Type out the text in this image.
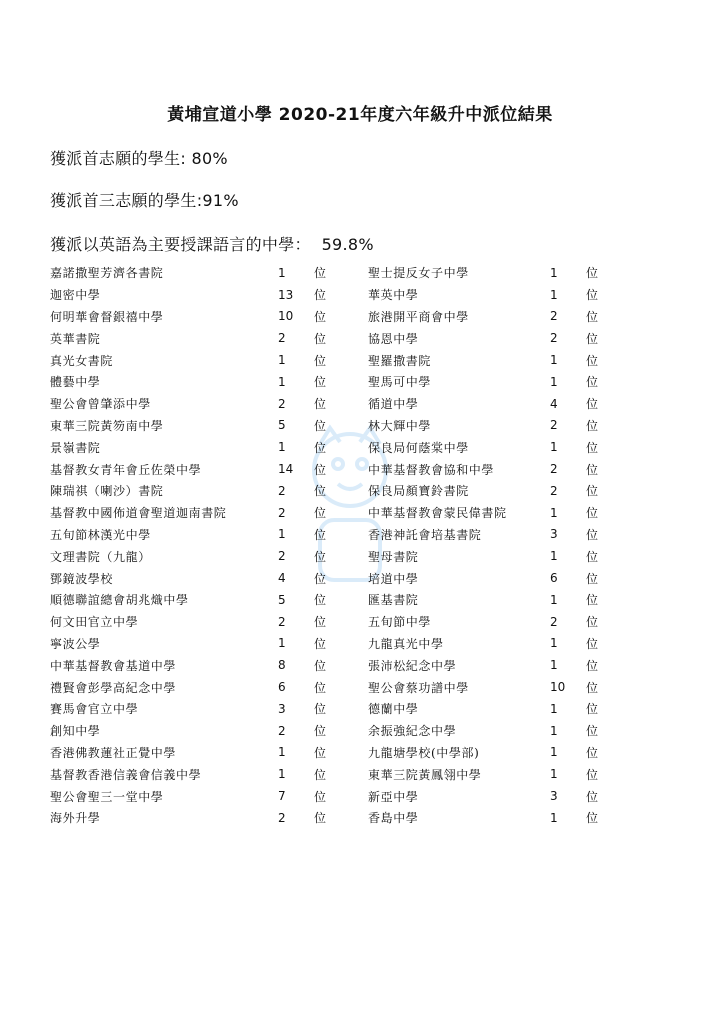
黃埔宣道小學 2020-21年度六年級升中派位結果
獲派首志願的學生: 80%
獲派首三志願的學生:91%
獲派以英語為主要授課語言的中學：  59.8%
嘉諾撒聖芳濟各書院	1	位
迦密中學	13	位
何明華會督銀禧中學	10	位
英華書院	2	位
真光女書院	1	位
體藝中學	1	位
聖公會曾肇添中學	2	位
東華三院黃笏南中學	5	位
景嶺書院	1	位
基督教女青年會丘佐榮中學	14	位
陳瑞祺（喇沙）書院	2	位
基督教中國佈道會聖道迦南書院	2	位
五旬節林漢光中學	1	位
文理書院（九龍）	2	位
鄧鏡波學校	4	位
順德聯誼總會胡兆熾中學	5	位
何文田官立中學	2	位
寧波公學	1	位
中華基督教會基道中學	8	位
禮賢會彭學高紀念中學	6	位
賽馬會官立中學	3	位
創知中學	2	位
香港佛教蓮社正覺中學	1	位
基督教香港信義會信義中學	1	位
聖公會聖三一堂中學	7	位
海外升學	2	位
聖士提反女子中學	1	位
華英中學	1	位
旅港開平商會中學	2	位
協恩中學	2	位
聖羅撒書院	1	位
聖馬可中學	1	位
循道中學	4	位
林大輝中學	2	位
保良局何蔭棠中學	1	位
中華基督教會協和中學	2	位
保良局顏寶鈴書院	2	位
中華基督教會蒙民偉書院	1	位
香港神託會培基書院	3	位
聖母書院	1	位
培道中學	6	位
匯基書院	1	位
五旬節中學	2	位
九龍真光中學	1	位
張沛松紀念中學	1	位
聖公會蔡功譜中學	10	位
德蘭中學	1	位
余振強紀念中學	1	位
九龍塘學校(中學部)	1	位
東華三院黃鳳翎中學	1	位
新亞中學	3	位
香島中學	1	位
